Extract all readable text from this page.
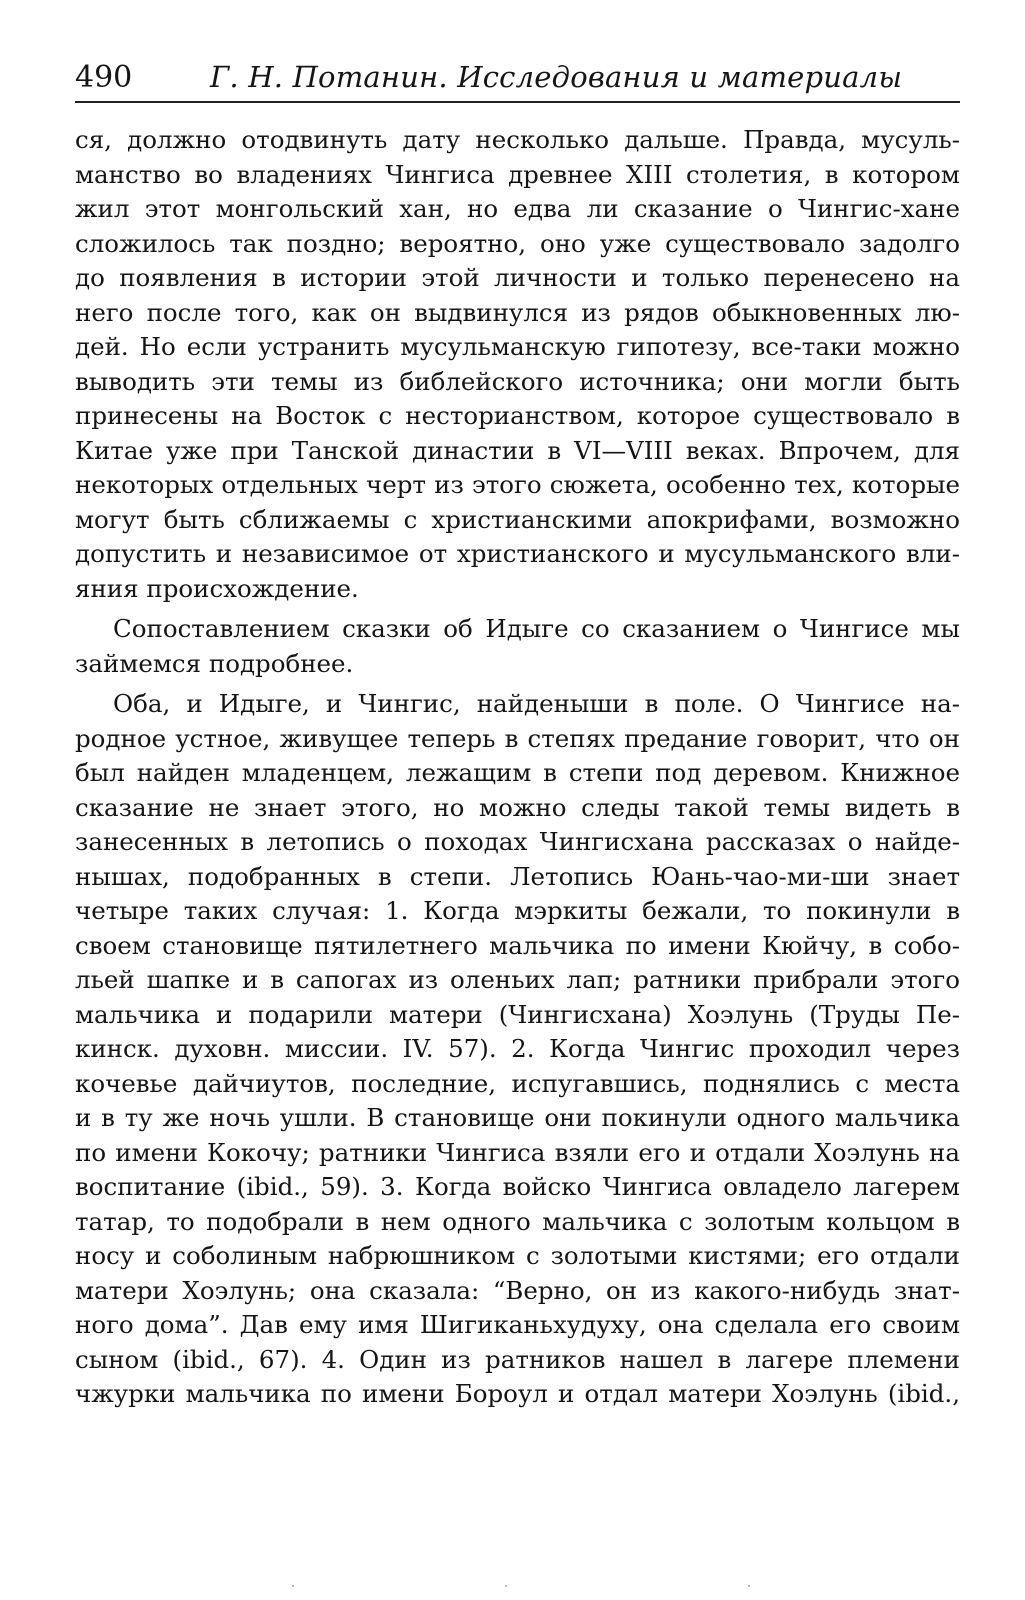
490	Г. Н. Потанин. Исследования и материалы
ся, должно отодвинуть дату несколько дальше. Правда, мусуль-
манство во владениях Чингиса древнее XIII столетия, в котором
жил этот монгольский хан, но едва ли сказание о Чингис-хане
сложилось так поздно; вероятно, оно уже существовало задолго
до появления в истории этой личности и только перенесено на
него после того, как он выдвинулся из рядов обыкновенных лю-
дей. Но если устранить мусульманскую гипотезу, все-таки можно
выводить эти темы из библейского источника; они могли быть
принесены на Восток с несторианством, которое существовало в
Китае уже при Танской династии в VI—VIII веках. Впрочем, для
некоторых отдельных черт из этого сюжета, особенно тех, которые
могут быть сближаемы с христианскими апокрифами, возможно
допустить и независимое от христианского и мусульманского вли-
яния происхождение.
Сопоставлением сказки об Идыге со сказанием о Чингисе мы
займемся подробнее.
Оба, и Идыге, и Чингис, найденыши в поле. О Чингисе на-
родное устное, живущее теперь в степях предание говорит, что он
был найден младенцем, лежащим в степи под деревом. Книжное
сказание не знает этого, но можно следы такой темы видеть в
занесенных в летопись о походах Чингисхана рассказах о найде-
нышах, подобранных в степи. Летопись Юань-чао-ми-ши знает
четыре таких случая: 1. Когда мэркиты бежали, то покинули в
своем становище пятилетнего мальчика по имени Кюйчу, в собо-
льей шапке и в сапогах из оленьих лап; ратники прибрали этого
мальчика и подарили матери (Чингисхана) Хоэлунь (Труды Пе-
кинск. духовн. миссии. IV. 57). 2. Когда Чингис проходил через
кочевье дайчиутов, последние, испугавшись, поднялись с места
и в ту же ночь ушли. В становище они покинули одного мальчика
по имени Кокочу; ратники Чингиса взяли его и отдали Хоэлунь на
воспитание (ibid., 59). 3. Когда войско Чингиса овладело лагерем
татар, то подобрали в нем одного мальчика с золотым кольцом в
носу и соболиным набрюшником с золотыми кистями; его отдали
матери Хоэлунь; она сказала: “Верно, он из какого-нибудь знат-
ного дома”. Дав ему имя Шигиканьхудуху, она сделала его своим
сыном (ibid., 67). 4. Один из ратников нашел в лагере племени
чжурки мальчика по имени Бороул и отдал матери Хоэлунь (ibid.,
